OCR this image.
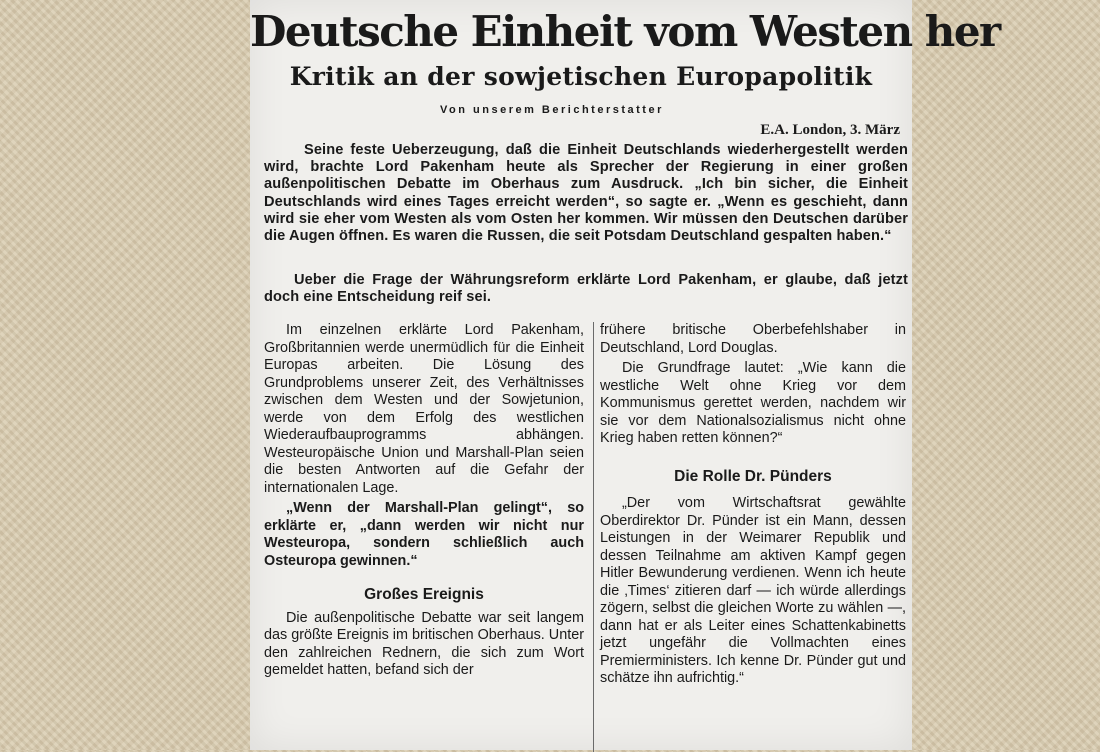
Deutsche Einheit vom Westen her
Kritik an der sowjetischen Europapolitik
Von unserem Berichterstatter
E.A. London, 3. März
Seine feste Ueberzeugung, daß die Einheit Deutschlands wiederhergestellt werden wird, brachte Lord Pakenham heute als Sprecher der Regierung in einer großen außenpolitischen Debatte im Oberhaus zum Ausdruck. „Ich bin sicher, die Einheit Deutschlands wird eines Tages erreicht werden“, so sagte er. „Wenn es geschieht, dann wird sie eher vom Westen als vom Osten her kommen. Wir müssen den Deutschen darüber die Augen öffnen. Es waren die Russen, die seit Potsdam Deutschland gespalten haben.“
Ueber die Frage der Währungsreform erklärte Lord Pakenham, er glaube, daß jetzt doch eine Entscheidung reif sei.

Im einzelnen erklärte Lord Pakenham, Großbritannien werde unermüdlich für die Einheit Europas arbeiten. Die Lösung des Grundproblems unserer Zeit, des Verhältnisses zwischen dem Westen und der Sowjetunion, werde von dem Erfolg des westlichen Wiederaufbauprogramms abhängen. Westeuropäische Union und Marshall-Plan seien die besten Antworten auf die Gefahr der internationalen Lage.

„Wenn der Marshall-Plan gelingt“, so erklärte er, „dann werden wir nicht nur Westeuropa, sondern schließlich auch Osteuropa gewinnen.“

Großes Ereignis

Die außenpolitische Debatte war seit langem das größte Ereignis im britischen Oberhaus. Unter den zahlreichen Rednern, die sich zum Wort gemeldet hatten, befand sich der

frühere britische Oberbefehlshaber in Deutschland, Lord Douglas.

Die Grundfrage lautet: „Wie kann die westliche Welt ohne Krieg vor dem Kommunismus gerettet werden, nachdem wir sie vor dem Nationalsozialismus nicht ohne Krieg haben retten können?“

Die Rolle Dr. Pünders

„Der vom Wirtschaftsrat gewählte Oberdirektor Dr. Pünder ist ein Mann, dessen Leistungen in der Weimarer Republik und dessen Teilnahme am aktiven Kampf gegen Hitler Bewunderung verdienen. Wenn ich heute die ‚Times‘ zitieren darf — ich würde allerdings zögern, selbst die gleichen Worte zu wählen —, dann hat er als Leiter eines Schattenkabinetts jetzt ungefähr die Vollmachten eines Premierministers. Ich kenne Dr. Pünder gut und schätze ihn aufrichtig.“
